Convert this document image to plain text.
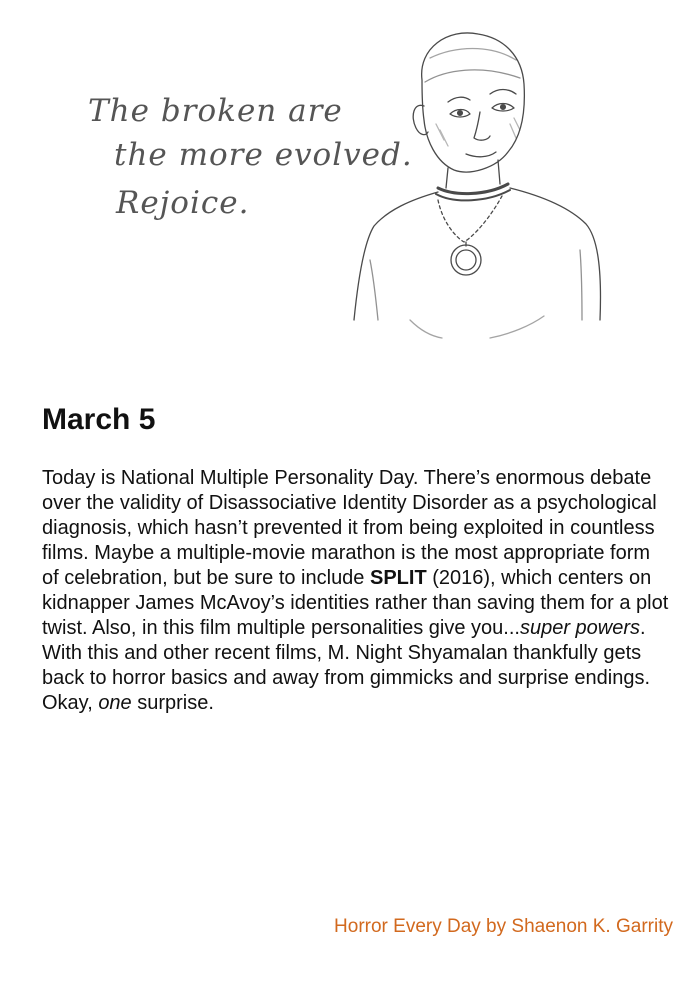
The broken are
the more evolved.
Rejoice.
March 5

Today is National Multiple Personality Day. There’s enormous debate over the validity of Disassociative Identity Disorder as a psychological diagnosis, which hasn’t prevented it from being exploited in countless films. Maybe a multiple-movie marathon is the most appropriate form of celebration, but be sure to include SPLIT (2016), which centers on kidnapper James McAvoy’s identities rather than saving them for a plot twist. Also, in this film multiple personalities give you...super powers. With this and other recent films, M. Night Shyamalan thankfully gets back to horror basics and away from gimmicks and surprise endings. Okay, one surprise.

Horror Every Day by Shaenon K. Garrity
